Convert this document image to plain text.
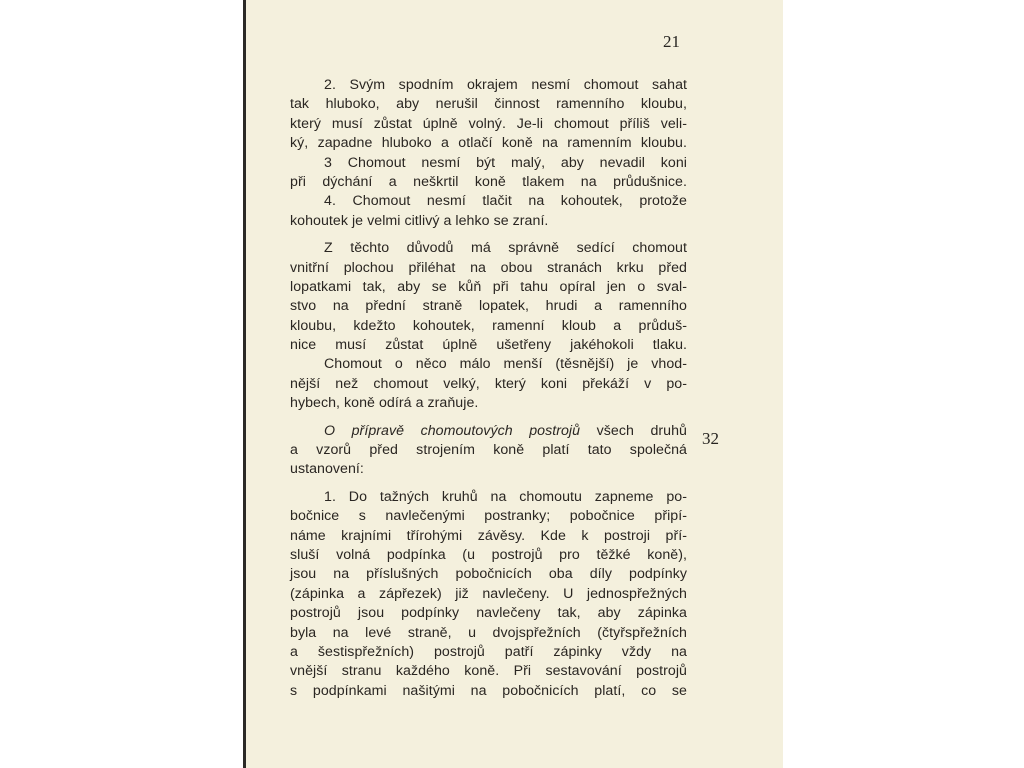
21
32
2. Svým spodním okrajem nesmí chomout sahat
tak hluboko, aby nerušil činnost ramenního kloubu,
který musí zůstat úplně volný. Je-li chomout příliš veli-
ký, zapadne hluboko a otlačí koně na ramenním kloubu.
3 Chomout nesmí být malý, aby nevadil koni
při dýchání a neškrtil koně tlakem na průdušnice.
4. Chomout nesmí tlačit na kohoutek, protože
kohoutek je velmi citlivý a lehko se zraní.
Z těchto důvodů má správně sedící chomout
vnitřní plochou přiléhat na obou stranách krku před
lopatkami tak, aby se kůň při tahu opíral jen o sval-
stvo na přední straně lopatek, hrudi a ramenního
kloubu, kdežto kohoutek, ramenní kloub a průduš-
nice musí zůstat úplně ušetřeny jakéhokoli tlaku.
Chomout o něco málo menší (těsnější) je vhod-
nější než chomout velký, který koni překáží v po-
hybech, koně odírá a zraňuje.
O přípravě chomoutových postrojů všech druhů
a vzorů před strojením koně platí tato společná
ustanovení:
1. Do tažných kruhů na chomoutu zapneme po-
bočnice s navlečenými postranky; pobočnice připí-
náme krajními třírohými závěsy. Kde k postroji pří-
sluší volná podpínka (u postrojů pro těžké koně),
jsou na příslušných pobočnicích oba díly podpínky
(zápinka a zápřezek) již navlečeny. U jednospřežných
postrojů jsou podpínky navlečeny tak, aby zápinka
byla na levé straně, u dvojspřežních (čtyřspřežních
a šestispřežních) postrojů patří zápinky vždy na
vnější stranu každého koně. Při sestavování postrojů
s podpínkami našitými na pobočnicích platí, co se
